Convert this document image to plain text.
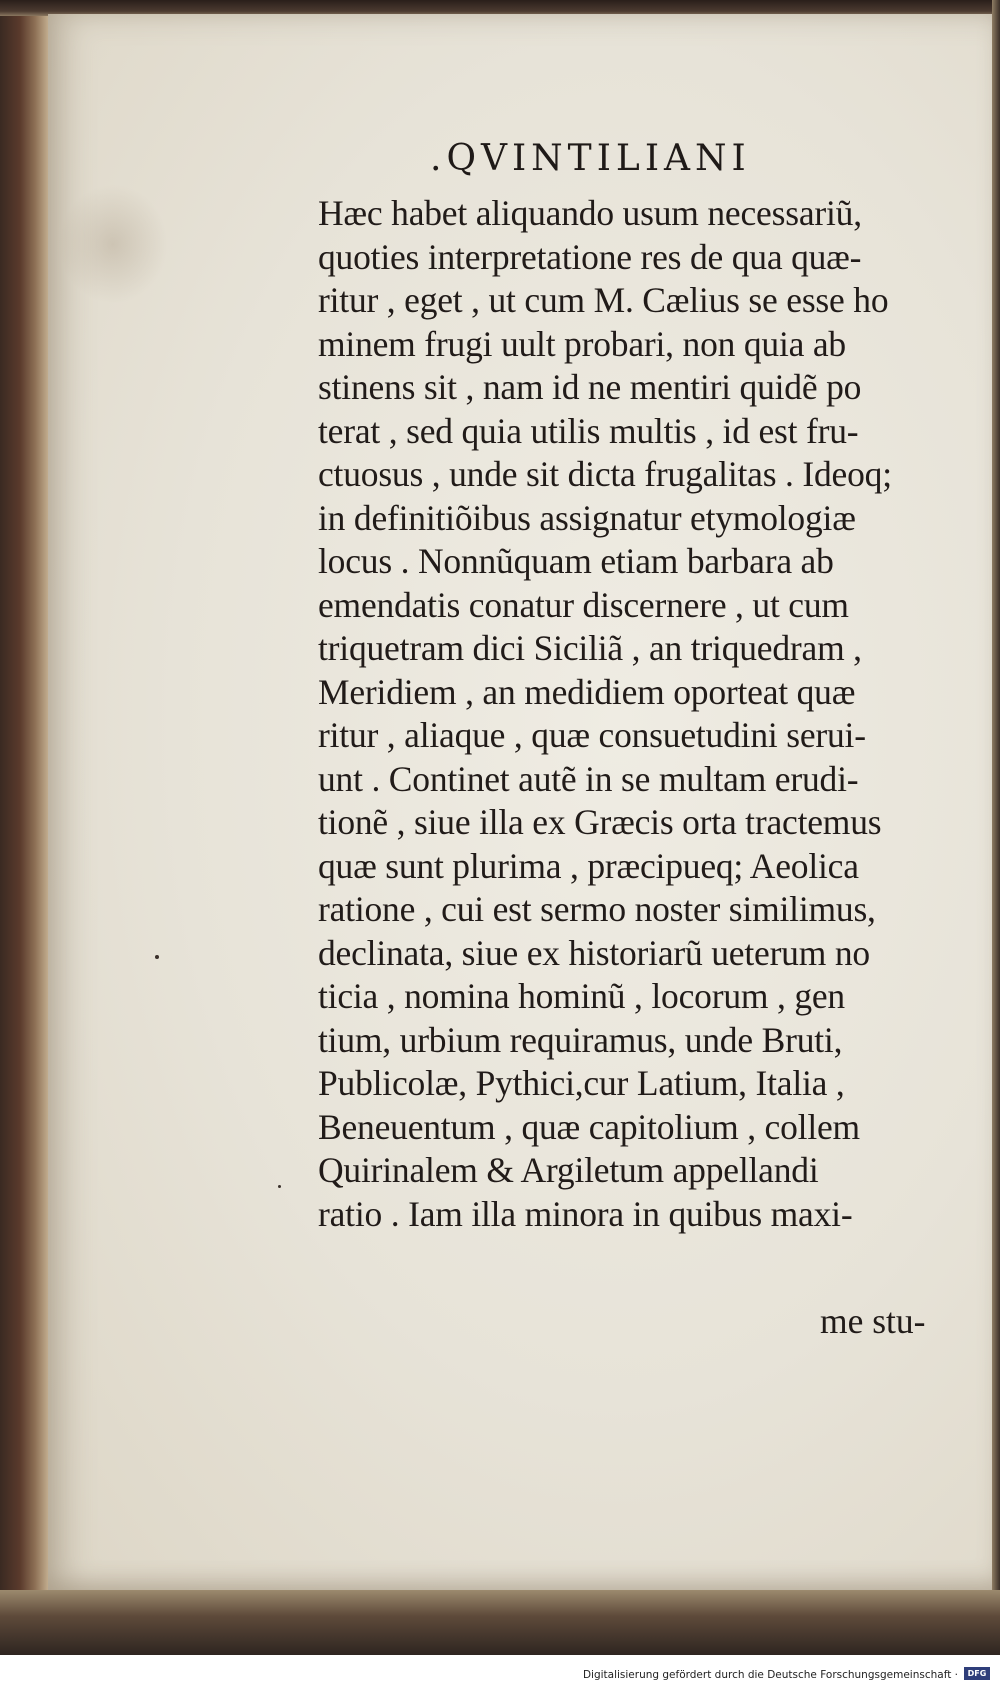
.QVINTILIANI
Hæc habet aliquando usum necessariũ,
quoties interpretatione res de qua quæ-
ritur , eget , ut cum M. Cælius se esse ho
minem frugi uult probari, non quia ab
stinens sit , nam id ne mentiri quidẽ po
terat , sed quia utilis multis , id est fru-
ctuosus , unde sit dicta frugalitas . Ideoq;
in definitiõibus assignatur etymologiæ
locus . Nonnũquam etiam barbara ab
emendatis conatur discernere , ut cum
triquetram dici Siciliã , an triquedram ,
Meridiem , an medidiem oporteat quæ
ritur , aliaque , quæ consuetudini serui-
unt . Continet autẽ in se multam erudi-
tionẽ , siue illa ex Græcis orta tractemus
quæ sunt plurima , præcipueq; Aeolica
ratione , cui est sermo noster similimus,
declinata, siue ex historiarũ ueterum no
ticia , nomina hominũ , locorum , gen
tium, urbium requiramus, unde Bruti,
Publicolæ, Pythici,cur Latium, Italia ,
Beneuentum , quæ capitolium , collem
Quirinalem & Argiletum appellandi
ratio . Iam illa minora in quibus maxi-
me stu-
Digitalisierung gefördert durch die Deutsche Forschungsgemeinschaft ·	DFG
